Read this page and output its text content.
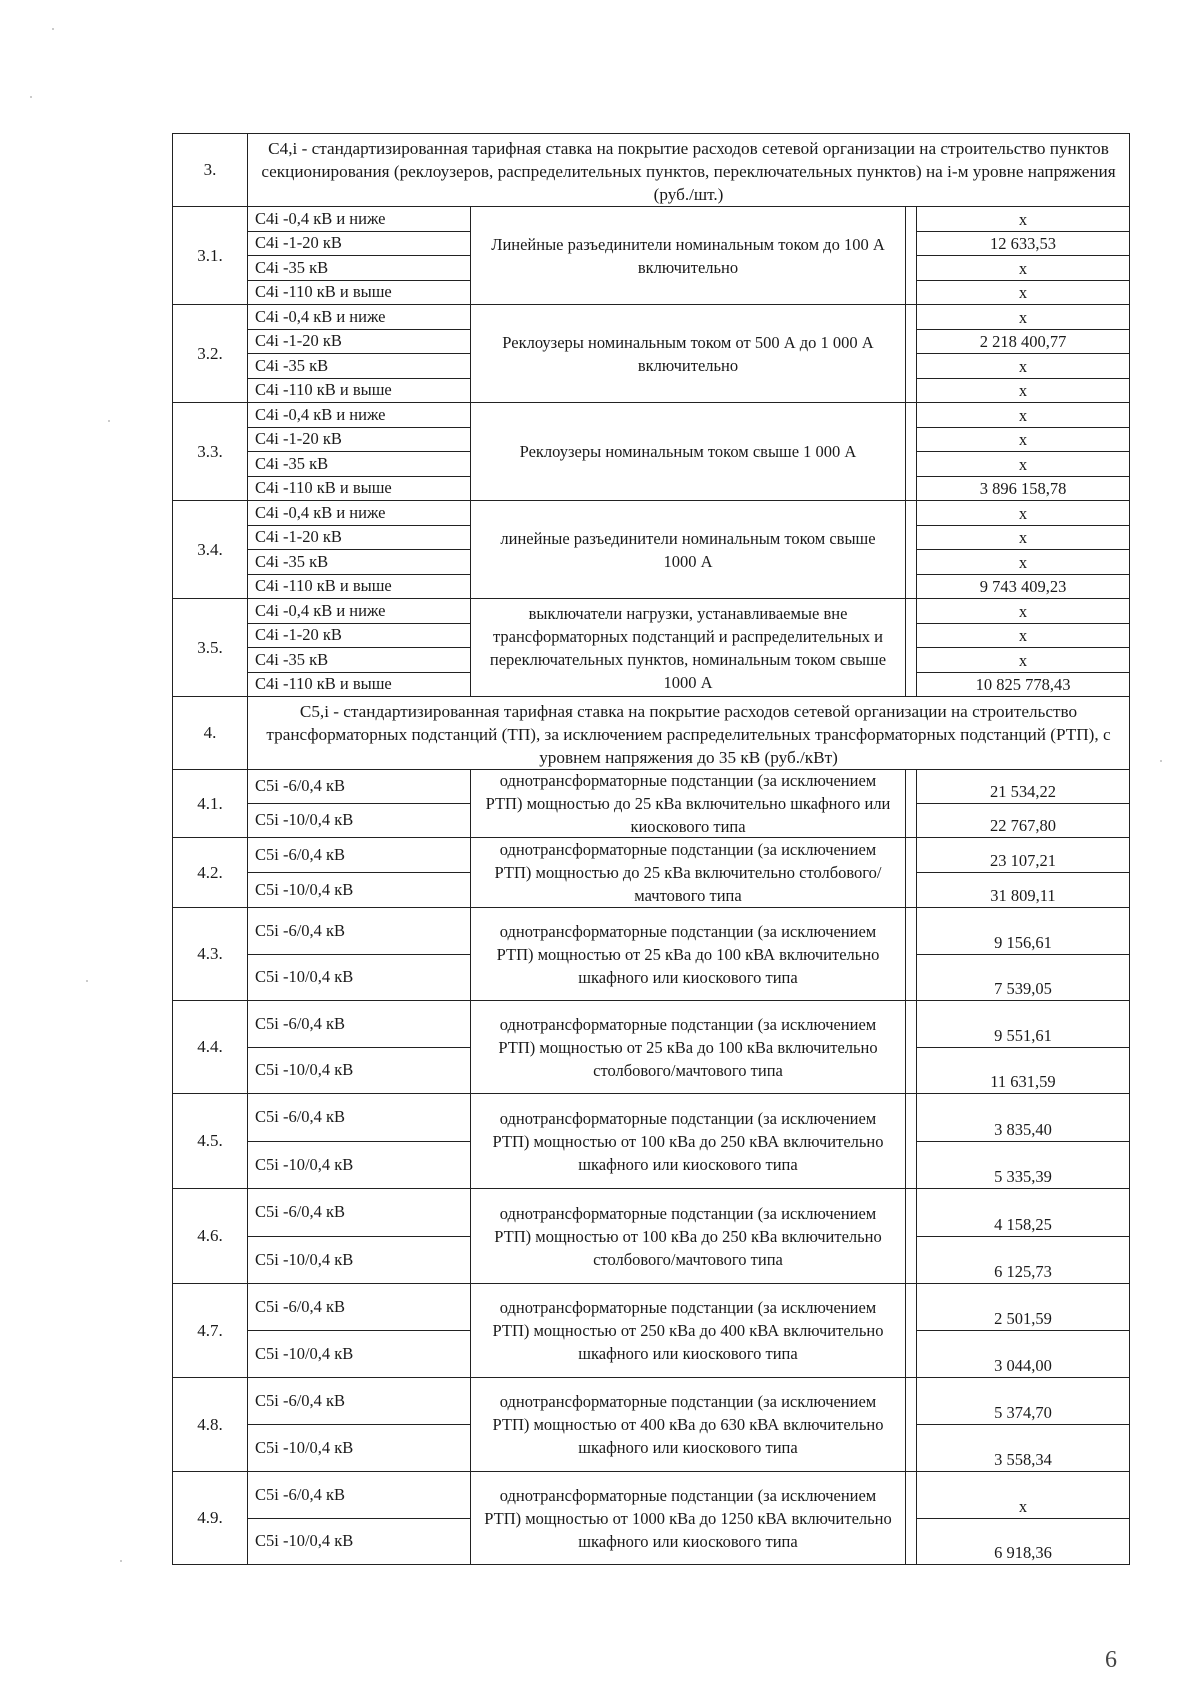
3.
C4,i - стандартизированная тарифная ставка на покрытие расходов сетевой организации на строительство пунктов секционирования (реклоузеров, распределительных пунктов, переключательных пунктов) на i-м уровне напряжения (руб./шт.)
3.1.
C4i -0,4 кВ и ниже
C4i -1-20 кВ
C4i -35 кВ
C4i -110 кВ и выше
Линейные разъединители номинальным током до 100 А включительно
x
12 633,53
x
x
3.2.
C4i -0,4 кВ и ниже
C4i -1-20 кВ
C4i -35 кВ
C4i -110 кВ и выше
Реклоузеры номинальным током от 500 А до 1 000 А включительно
x
2 218 400,77
x
x
3.3.
C4i -0,4 кВ и ниже
C4i -1-20 кВ
C4i -35 кВ
C4i -110 кВ и выше
Реклоузеры номинальным током свыше 1 000 А
x
x
x
3 896 158,78
3.4.
C4i -0,4 кВ и ниже
C4i -1-20 кВ
C4i -35 кВ
C4i -110 кВ и выше
линейные разъединители номинальным током свыше 1000 А
x
x
x
9 743 409,23
3.5.
C4i -0,4 кВ и ниже
C4i -1-20 кВ
C4i -35 кВ
C4i -110 кВ и выше
выключатели нагрузки, устанавливаемые вне трансформаторных подстанций и распределительных и переключательных пунктов, номинальным током свыше 1000 А
x
x
x
10 825 778,43
4.
C5,i - стандартизированная тарифная ставка на покрытие расходов сетевой организации на строительство трансформаторных подстанций (ТП), за исключением распределительных трансформаторных подстанций (РТП), с уровнем напряжения до 35 кВ (руб./кВт)
4.1.
C5i -6/0,4 кВ
C5i -10/0,4 кВ
однотрансформаторные подстанции (за исключением РТП) мощностью до 25 кВа включительно шкафного или киоскового типа
21 534,22
22 767,80
4.2.
C5i -6/0,4 кВ
C5i -10/0,4 кВ
однотрансформаторные подстанции (за исключением РТП) мощностью до 25 кВа включительно столбового/мачтового типа
23 107,21
31 809,11
4.3.
C5i -6/0,4 кВ
C5i -10/0,4 кВ
однотрансформаторные подстанции (за исключением РТП) мощностью от 25 кВа до 100 кВА включительно шкафного или киоскового типа
9 156,61
7 539,05
4.4.
C5i -6/0,4 кВ
C5i -10/0,4 кВ
однотрансформаторные подстанции (за исключением РТП) мощностью от 25 кВа до 100 кВа включительно столбового/мачтового типа
9 551,61
11 631,59
4.5.
C5i -6/0,4 кВ
C5i -10/0,4 кВ
однотрансформаторные подстанции (за исключением РТП) мощностью от 100 кВа до 250 кВА включительно шкафного или киоскового типа
3 835,40
5 335,39
4.6.
C5i -6/0,4 кВ
C5i -10/0,4 кВ
однотрансформаторные подстанции (за исключением РТП) мощностью от 100 кВа до 250 кВа включительно столбового/мачтового типа
4 158,25
6 125,73
4.7.
C5i -6/0,4 кВ
C5i -10/0,4 кВ
однотрансформаторные подстанции (за исключением РТП) мощностью от 250 кВа до 400 кВА включительно шкафного или киоскового типа
2 501,59
3 044,00
4.8.
C5i -6/0,4 кВ
C5i -10/0,4 кВ
однотрансформаторные подстанции (за исключением РТП) мощностью от 400 кВа до 630 кВА включительно шкафного или киоскового типа
5 374,70
3 558,34
4.9.
C5i -6/0,4 кВ
C5i -10/0,4 кВ
однотрансформаторные подстанции (за исключением РТП) мощностью от 1000 кВа до 1250 кВА включительно шкафного или киоскового типа
x
6 918,36
6
